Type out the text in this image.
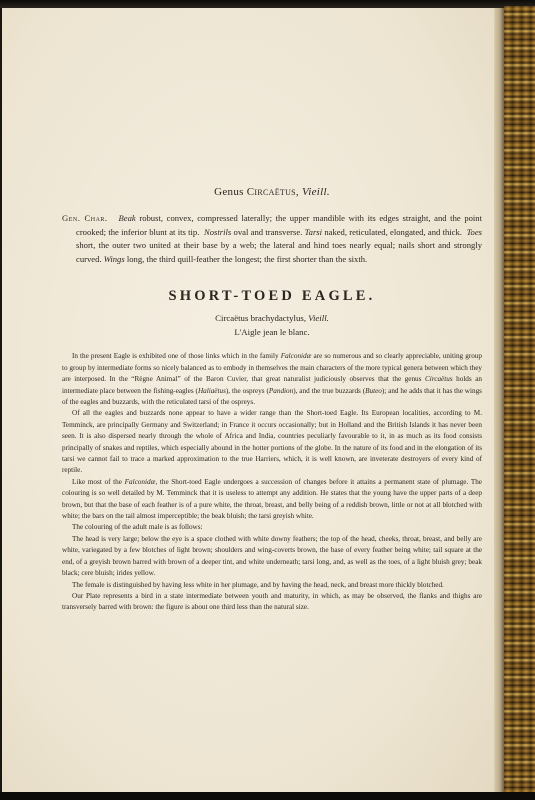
Genus Circaëtus, Vieill.
Gen. Char. Beak robust, convex, compressed laterally; the upper mandible with its edges straight, and the point crooked; the inferior blunt at its tip. Nostrils oval and transverse. Tarsi naked, reticulated, elongated, and thick. Toes short, the outer two united at their base by a web; the lateral and hind toes nearly equal; nails short and strongly curved. Wings long, the third quill-feather the longest; the first shorter than the sixth.
SHORT-TOED EAGLE.
Circaëtus brachydactylus, Vieill.
L'Aigle jean le blanc.

In the present Eagle is exhibited one of those links which in the family Falconidæ are so numerous and so clearly appreciable, uniting group to group by intermediate forms so nicely balanced as to embody in themselves the main characters of the more typical genera between which they are interposed. In the “Règne Animal” of the Baron Cuvier, that great naturalist judiciously observes that the genus Circaëtus holds an intermediate place between the fishing-eagles (Haliaëtus), the ospreys (Pandion), and the true buzzards (Buteo); and he adds that it has the wings of the eagles and buzzards, with the reticulated tarsi of the ospreys.

Of all the eagles and buzzards none appear to have a wider range than the Short-toed Eagle. Its European localities, according to M. Temminck, are principally Germany and Switzerland; in France it occurs occasionally; but in Holland and the British Islands it has never been seen. It is also dispersed nearly through the whole of Africa and India, countries peculiarly favourable to it, in as much as its food consists principally of snakes and reptiles, which especially abound in the hotter portions of the globe. In the nature of its food and in the elongation of its tarsi we cannot fail to trace a marked approximation to the true Harriers, which, it is well known, are inveterate destroyers of every kind of reptile.

Like most of the Falconidæ, the Short-toed Eagle undergoes a succession of changes before it attains a permanent state of plumage. The colouring is so well detailed by M. Temminck that it is useless to attempt any addition. He states that the young have the upper parts of a deep brown, but that the base of each feather is of a pure white, the throat, breast, and belly being of a reddish brown, little or not at all blotched with white; the bars on the tail almost imperceptible; the beak bluish; the tarsi greyish white.

The colouring of the adult male is as follows:

The head is very large; below the eye is a space clothed with white downy feathers; the top of the head, cheeks, throat, breast, and belly are white, variegated by a few blotches of light brown; shoulders and wing-coverts brown, the base of every feather being white; tail square at the end, of a greyish brown barred with brown of a deeper tint, and white underneath; tarsi long, and, as well as the toes, of a light bluish grey; beak black; cere bluish; irides yellow.

The female is distinguished by having less white in her plumage, and by having the head, neck, and breast more thickly blotched.

Our Plate represents a bird in a state intermediate between youth and maturity, in which, as may be observed, the flanks and thighs are transversely barred with brown: the figure is about one third less than the natural size.
